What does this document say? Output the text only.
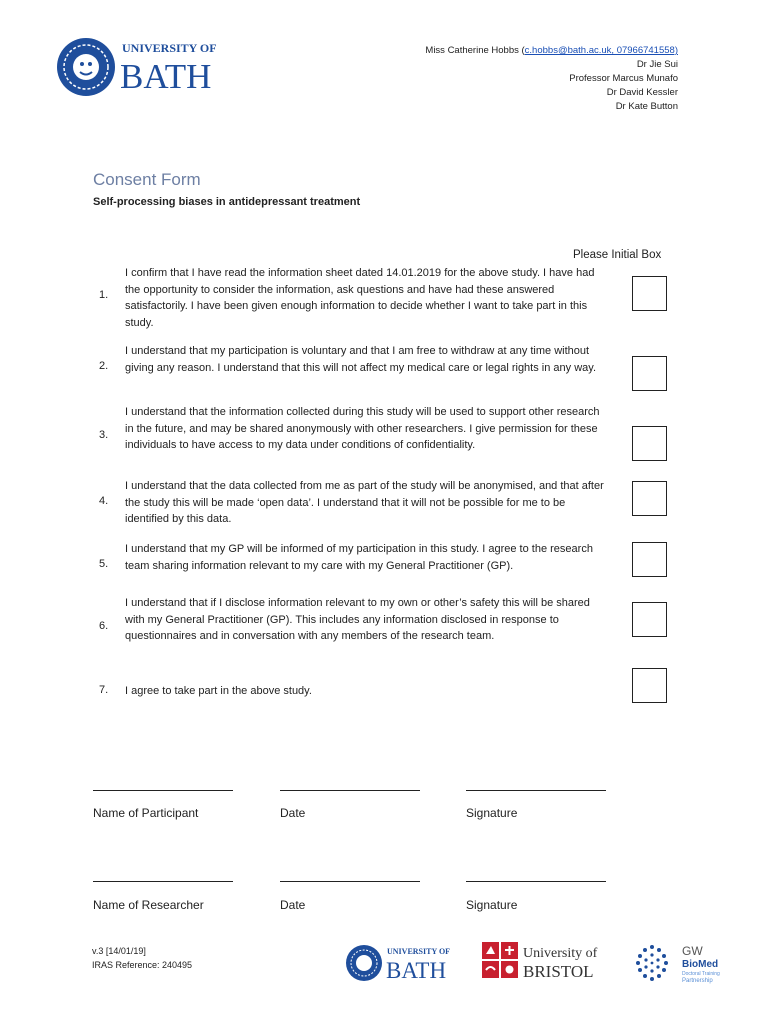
UNIVERSITY OF
BATH
Miss Catherine Hobbs (c.hobbs@bath.ac.uk, 07966741558)
Dr Jie Sui
Professor Marcus Munafo
Dr David Kessler
Dr Kate Button
Consent Form
Self-processing biases in antidepressant treatment
Please Initial Box
1.
I confirm that I have read the information sheet dated 14.01.2019 for the above study. I have had the opportunity to consider the information, ask questions and have had these answered satisfactorily. I have been given enough information to decide whether I want to take part in this study.
2.
I understand that my participation is voluntary and that I am free to withdraw at any time without giving any reason. I understand that this will not affect my medical care or legal rights in any way.
3.
I understand that the information collected during this study will be used to support other research in the future, and may be shared anonymously with other researchers. I give permission for these individuals to have access to my data under conditions of confidentiality.
4.
I understand that the data collected from me as part of the study will be anonymised, and that after the study this will be made ‘open data’. I understand that it will not be possible for me to be identified by this data.
5.
I understand that my GP will be informed of my participation in this study. I agree to the research team sharing information relevant to my care with my General Practitioner (GP).
6.
I understand that if I disclose information relevant to my own or other’s safety this will be shared with my General Practitioner (GP). This includes any information disclosed in response to questionnaires and in conversation with any members of the research team.
7. I agree to take part in the above study.
Name of Participant	Date	Signature
Name of Researcher	Date	Signature
v.3 [14/01/19]
IRAS Reference: 240495
UNIVERSITY OF
BATH
University of
BRISTOL
GW
BioMed
Doctoral Training
Partnership
